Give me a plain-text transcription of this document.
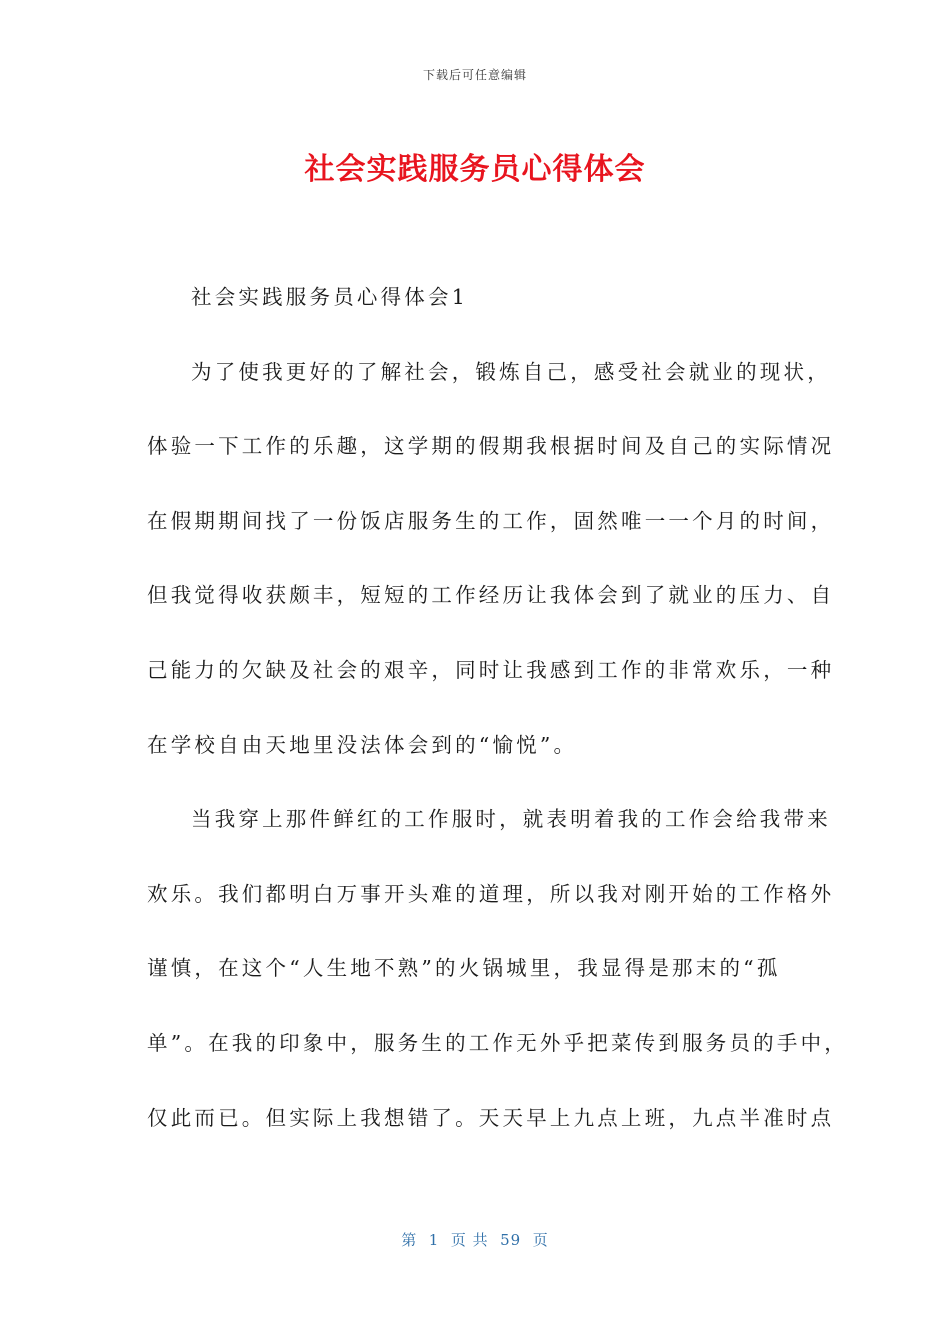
下载后可任意编辑
社会实践服务员心得体会
社会实践服务员心得体会1
为了使我更好的了解社会，锻炼自己，感受社会就业的现状，
体验一下工作的乐趣，这学期的假期我根据时间及自己的实际情况
在假期期间找了一份饭店服务生的工作，固然唯一一个月的时间，
但我觉得收获颇丰，短短的工作经历让我体会到了就业的压力、自
己能力的欠缺及社会的艰辛，同时让我感到工作的非常欢乐，一种
在学校自由天地里没法体会到的“愉悦”。
当我穿上那件鲜红的工作服时，就表明着我的工作会给我带来
欢乐。我们都明白万事开头难的道理，所以我对刚开始的工作格外
谨慎，在这个“人生地不熟”的火锅城里，我显得是那末的“孤
单”。在我的印象中，服务生的工作无外乎把菜传到服务员的手中，
仅此而已。但实际上我想错了。天天早上九点上班，九点半准时点
第  1  页 共  59  页
